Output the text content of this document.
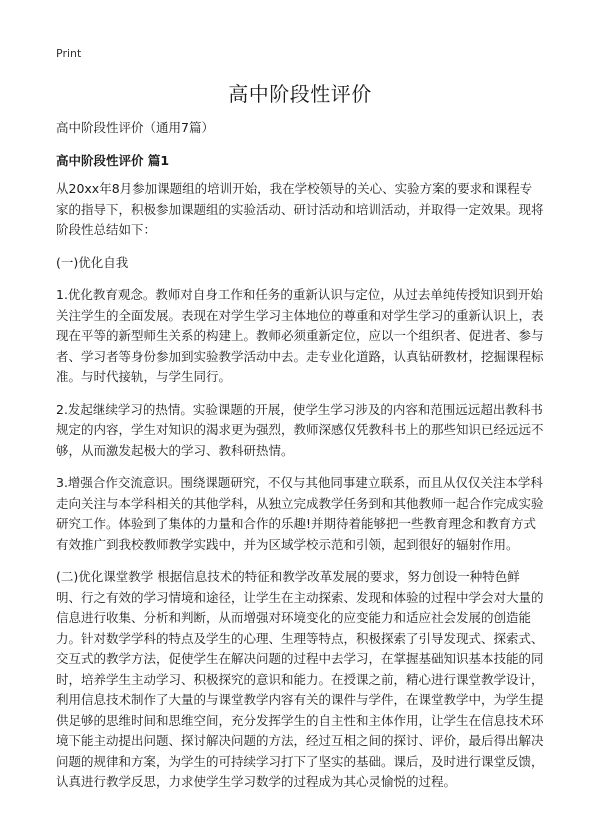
Print
高中阶段性评价

高中阶段性评价（通用7篇）

高中阶段性评价 篇1

从20xx年8月参加课题组的培训开始，我在学校领导的关心、实验方案的要求和课程专家的指导下，积极参加课题组的实验活动、研讨活动和培训活动，并取得一定效果。现将阶段性总结如下：

(一)优化自我

1.优化教育观念。教师对自身工作和任务的重新认识与定位，从过去单纯传授知识到开始关注学生的全面发展。表现在对学生学习主体地位的尊重和对学生学习的重新认识上，表现在平等的新型师生关系的构建上。教师必须重新定位，应以一个组织者、促进者、参与者、学习者等身份参加到实验教学活动中去。走专业化道路，认真钻研教材，挖掘课程标准。与时代接轨，与学生同行。

2.发起继续学习的热情。实验课题的开展，使学生学习涉及的内容和范围远远超出教科书规定的内容，学生对知识的渴求更为强烈，教师深感仅凭教科书上的那些知识已经远远不够，从而激发起极大的学习、教科研热情。

3.增强合作交流意识。围绕课题研究，不仅与其他同事建立联系，而且从仅仅关注本学科走向关注与本学科相关的其他学科，从独立完成教学任务到和其他教师一起合作完成实验研究工作。体验到了集体的力量和合作的乐趣!并期待着能够把一些教育理念和教育方式有效推广到我校教师教学实践中，并为区域学校示范和引领，起到很好的辐射作用。

(二)优化课堂教学 根据信息技术的特征和教学改革发展的要求，努力创设一种特色鲜明、行之有效的学习情境和途径，让学生在主动探索、发现和体验的过程中学会对大量的信息进行收集、分析和判断，从而增强对环境变化的应变能力和适应社会发展的创造能力。针对数学学科的特点及学生的心理、生理等特点，积极探索了引导发现式、探索式、交互式的教学方法，促使学生在解决问题的过程中去学习，在掌握基础知识基本技能的同时，培养学生主动学习、积极探究的意识和能力。在授课之前，精心进行课堂教学设计，利用信息技术制作了大量的与课堂教学内容有关的课件与学件，在课堂教学中，为学生提供足够的思维时间和思维空间，充分发挥学生的自主性和主体作用，让学生在信息技术环境下能主动提出问题、探讨解决问题的方法，经过互相之间的探讨、评价，最后得出解决问题的规律和方案，为学生的可持续学习打下了坚实的基础。课后，及时进行课堂反馈，认真进行教学反思，力求使学生学习数学的过程成为其心灵愉悦的过程。
